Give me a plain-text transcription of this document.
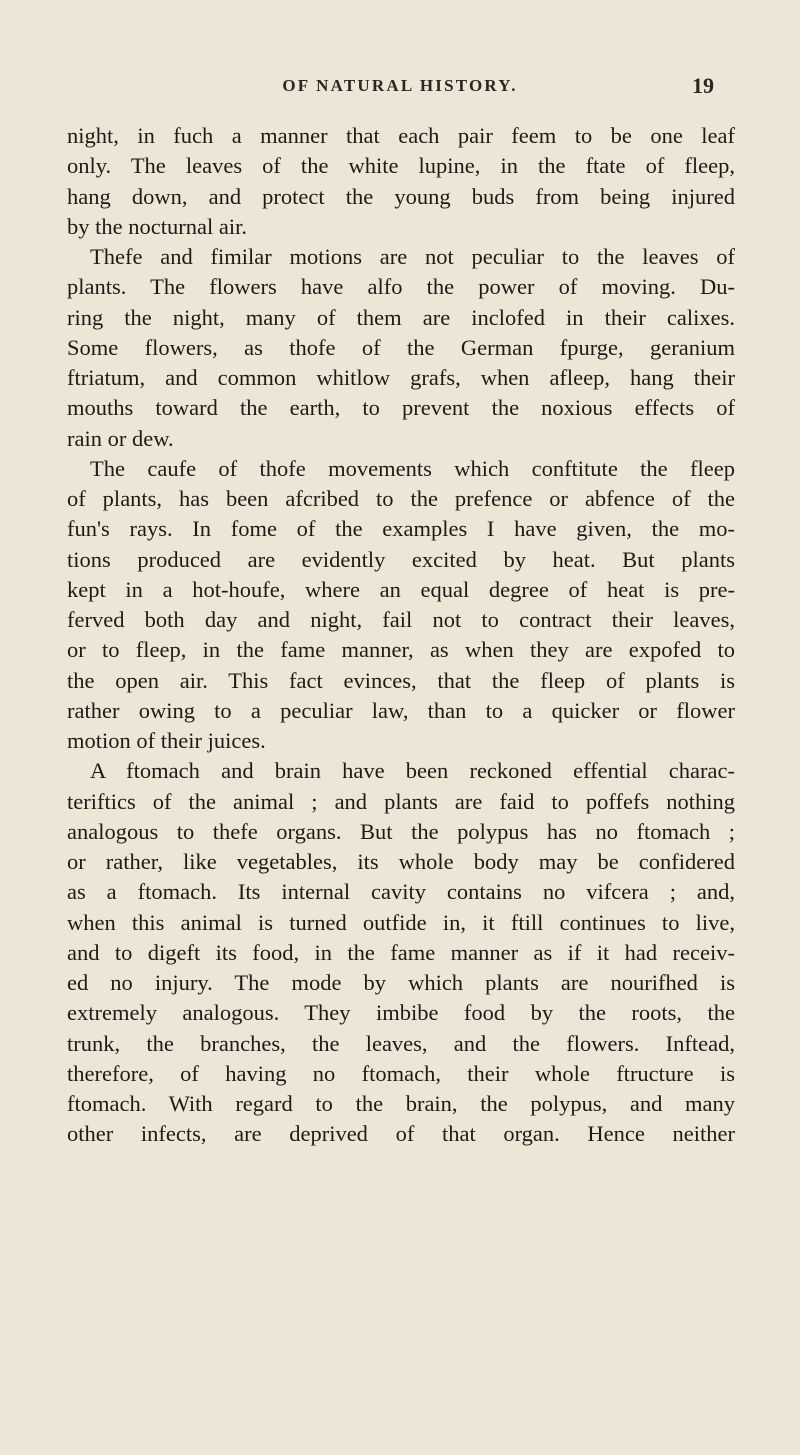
OF NATURAL HISTORY.	19
night, in fuch a manner that each pair feem to be one leaf
only. The leaves of the white lupine, in the ftate of fleep,
hang down, and protect the young buds from being injured
by the nocturnal air.
Thefe and fimilar motions are not peculiar to the leaves of
plants. The flowers have alfo the power of moving. Du-
ring the night, many of them are inclofed in their calixes.
Some flowers, as thofe of the German fpurge, geranium
ftriatum, and common whitlow grafs, when afleep, hang their
mouths toward the earth, to prevent the noxious effects of
rain or dew.
The caufe of thofe movements which conftitute the fleep
of plants, has been afcribed to the prefence or abfence of the
fun's rays. In fome of the examples I have given, the mo-
tions produced are evidently excited by heat. But plants
kept in a hot-houfe, where an equal degree of heat is pre-
ferved both day and night, fail not to contract their leaves,
or to fleep, in the fame manner, as when they are expofed to
the open air. This fact evinces, that the fleep of plants is
rather owing to a peculiar law, than to a quicker or flower
motion of their juices.
A ftomach and brain have been reckoned effential charac-
teriftics of the animal ; and plants are faid to poffefs nothing
analogous to thefe organs. But the polypus has no ftomach ;
or rather, like vegetables, its whole body may be confidered
as a ftomach. Its internal cavity contains no vifcera ; and,
when this animal is turned outfide in, it ftill continues to live,
and to digeft its food, in the fame manner as if it had receiv-
ed no injury. The mode by which plants are nourifhed is
extremely analogous. They imbibe food by the roots, the
trunk, the branches, the leaves, and the flowers. Inftead,
therefore, of having no ftomach, their whole ftructure is
ftomach. With regard to the brain, the polypus, and many
other infects, are deprived of that organ. Hence neither
